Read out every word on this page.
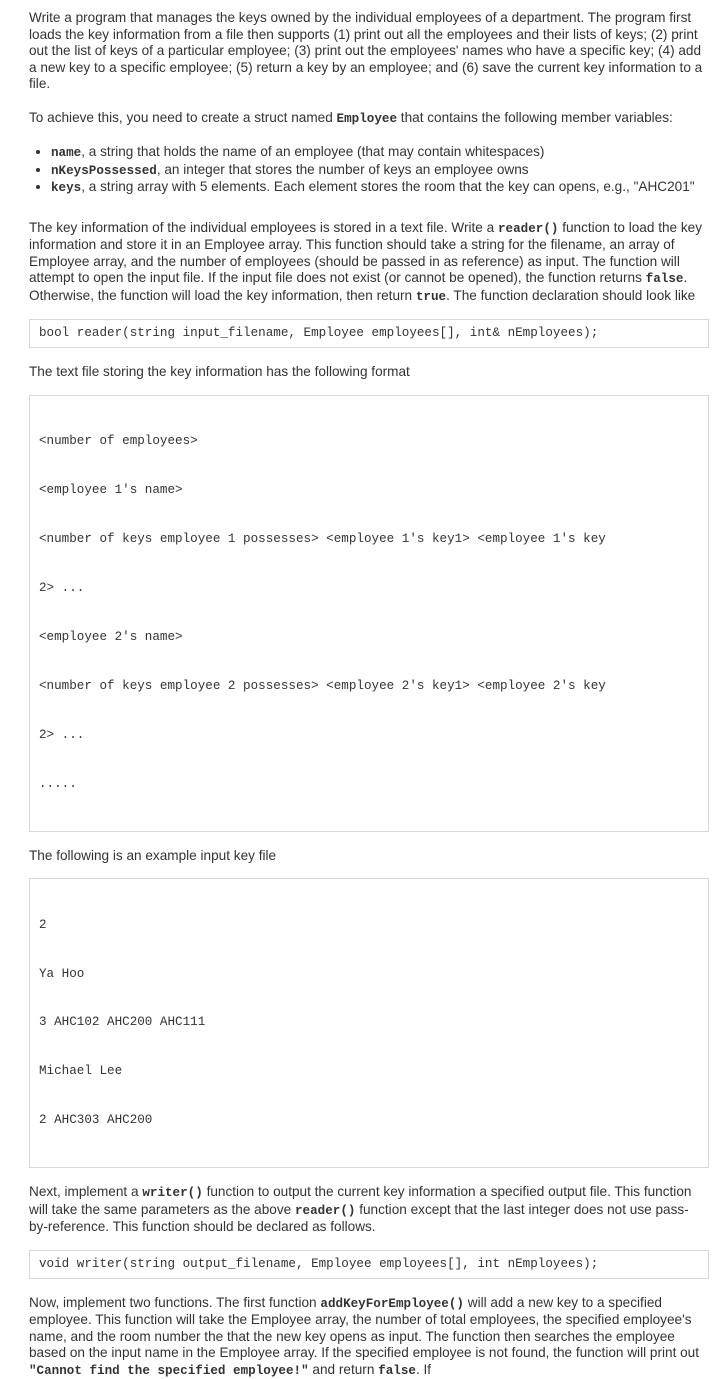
Write a program that manages the keys owned by the individual employees of a department. The program first loads the key information from a file then supports (1) print out all the employees and their lists of keys; (2) print out the list of keys of a particular employee; (3) print out the employees' names who have a specific key; (4) add a new key to a specific employee; (5) return a key by an employee; and (6) save the current key information to a file.

To achieve this, you need to create a struct named Employee that contains the following member variables:

• name, a string that holds the name of an employee (that may contain whitespaces)
• nKeysPossessed, an integer that stores the number of keys an employee owns
• keys, a string array with 5 elements. Each element stores the room that the key can opens, e.g., "AHC201"

The key information of the individual employees is stored in a text file. Write a reader() function to load the key information and store it in an Employee array. This function should take a string for the filename, an array of Employee array, and the number of employees (should be passed in as reference) as input. The function will attempt to open the input file. If the input file does not exist (or cannot be opened), the function returns false. Otherwise, the function will load the key information, then return true. The function declaration should look like

bool reader(string input_filename, Employee employees[], int& nEmployees);

The text file storing the key information has the following format

<number of employees>

<employee 1's name>

<number of keys employee 1 possesses> <employee 1's key1> <employee 1's key

2> ...

<employee 2's name>

<number of keys employee 2 possesses> <employee 2's key1> <employee 2's key

2> ...

.....

The following is an example input key file

2

Ya Hoo

3 AHC102 AHC200 AHC111

Michael Lee

2 AHC303 AHC200

Next, implement a writer() function to output the current key information a specified output file. This function will take the same parameters as the above reader() function except that the last integer does not use pass-by-reference. This function should be declared as follows.

void writer(string output_filename, Employee employees[], int nEmployees);

Now, implement two functions. The first function addKeyForEmployee() will add a new key to a specified employee. This function will take the Employee array, the number of total employees, the specified employee's name, and the room number the that the new key opens as input. The function then searches the employee based on the input name in the Employee array. If the specified employee is not found, the function will print out "Cannot find the specified employee!" and return false. If
